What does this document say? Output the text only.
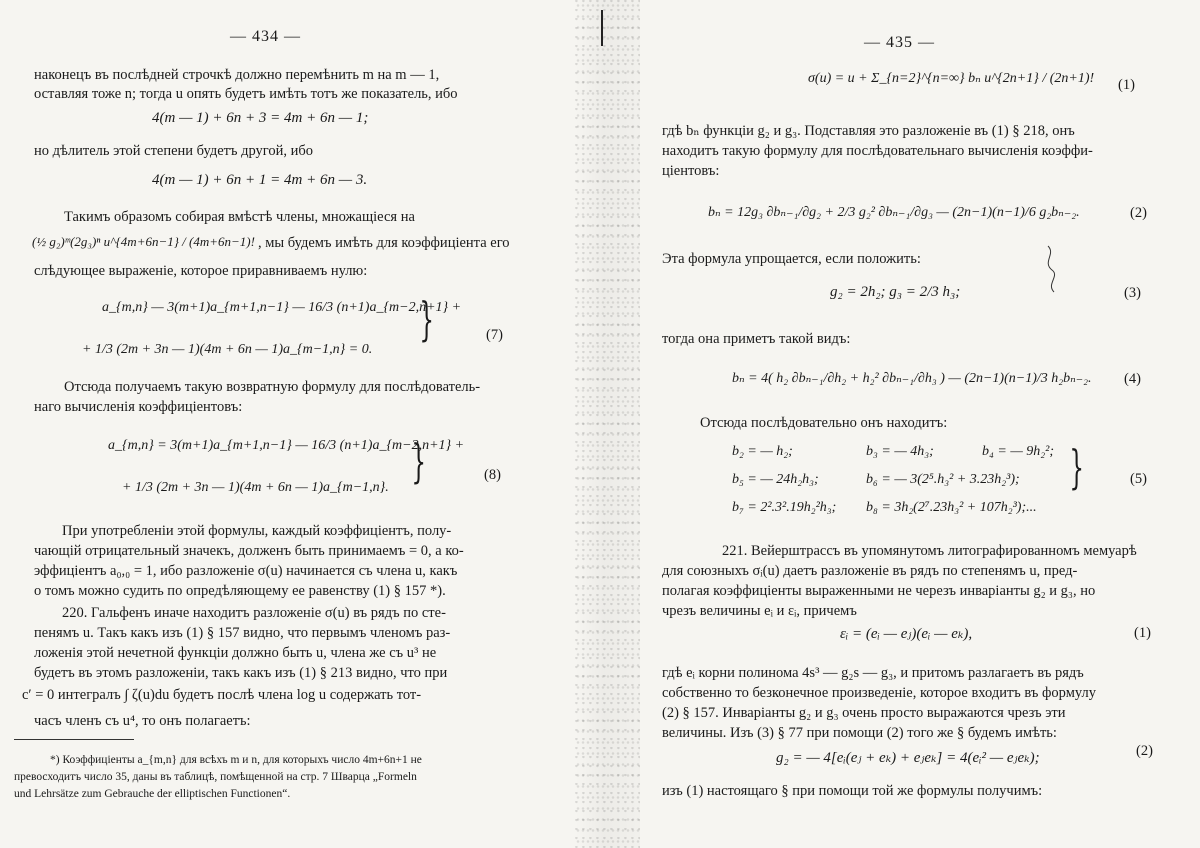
— 434 —
наконецъ въ послѣдней строчкѣ должно перемѣнить m на m — 1,
оставляя тоже n; тогда u опять будетъ имѣть тотъ же показатель, ибо
4(m — 1) + 6n + 3 = 4m + 6n — 1;
но дѣлитель этой степени будетъ другой, ибо
4(m — 1) + 6n + 1 = 4m + 6n — 3.
Такимъ образомъ собирая вмѣстѣ члены, множащіеся на
(½ g₂)ᵐ(2g₃)ⁿ u^{4m+6n−1} / (4m+6n−1)! , мы будемъ имѣть для коэффиціента его
слѣдующее выраженіе, которое приравниваемъ нулю:
a_{m,n} — 3(m+1)a_{m+1,n−1} — 16/3 (n+1)a_{m−2,n+1} +
+ 1/3 (2m + 3n — 1)(4m + 6n — 1)a_{m−1,n} = 0.
}	(7)
Отсюда получаемъ такую возвратную формулу для послѣдователь-
наго вычисленія коэффиціентовъ:
a_{m,n} = 3(m+1)a_{m+1,n−1} — 16/3 (n+1)a_{m−2,n+1} +
+ 1/3 (2m + 3n — 1)(4m + 6n — 1)a_{m−1,n}. }	(8)
При употребленіи этой формулы, каждый коэффиціентъ, полу-
чающій отрицательный значекъ, долженъ быть принимаемъ = 0, а ко-
эффиціентъ a₀,₀ = 1, ибо разложеніе σ(u) начинается съ члена u, какъ
о томъ можно судить по опредѣляющему ее равенству (1) § 157 *).
220. Гальфенъ иначе находитъ разложеніе σ(u) въ рядъ по сте-
пенямъ u. Такъ какъ изъ (1) § 157 видно, что первымъ членомъ раз-
ложенія этой нечетной функціи должно быть u, члена же съ u³ не
будетъ въ этомъ разложеніи, такъ какъ изъ (1) § 213 видно, что при
c′ = 0 интегралъ ∫ ζ(u)du будетъ послѣ члена log u содержать тот-
часъ членъ съ u⁴, то онъ полагаетъ:
*) Коэффиціенты a_{m,n} для всѣхъ m и n, для которыхъ число 4m+6n+1 не
превосходитъ число 35, даны въ таблицѣ, помѣщенной на стр. 7 Шварца „Formeln
und Lehrsätze zum Gebrauche der elliptischen Functionen“.
— 435 —
σ(u) = u + Σ_{n=2}^{n=∞} bₙ u^{2n+1} / (2n+1)! (1)
гдѣ bₙ функціи g₂ и g₃. Подставляя это разложеніе въ (1) § 218, онъ
находитъ такую формулу для послѣдовательнаго вычисленія коэффи-
ціентовъ:
bₙ = 12g₃ ∂bₙ₋₁/∂g₂ + 2/3 g₂² ∂bₙ₋₁/∂g₃ — (2n−1)(n−1)/6 g₂bₙ₋₂.	(2)
Эта формула упрощается, если положить:
g₂ = 2h₂; g₃ = 2/3 h₃;	(3)
тогда она приметъ такой видъ:
bₙ = 4( h₂ ∂bₙ₋₁/∂h₂ + h₂² ∂bₙ₋₁/∂h₃ ) — (2n−1)(n−1)/3 h₂bₙ₋₂. (4)
Отсюда послѣдовательно онъ находитъ:
b₂ = — h₂;	b₃ = — 4h₃;	b₄ = — 9h₂²;
b₅ = — 24h₂h₃;	b₆ = — 3(2⁵.h₃² + 3.23h₂³);
b₇ = 2².3².19h₂²h₃; b₈ = 3h₂(2⁷.23h₃² + 107h₂³);...
}	(5)
221. Вейерштрассъ въ упомянутомъ литографированномъ мемуарѣ
для союзныхъ σᵢ(u) даетъ разложеніе въ рядъ по степенямъ u, пред-
полагая коэффиціенты выраженными не черезъ инваріанты g₂ и g₃, но
чрезъ величины eᵢ и εᵢ, причемъ
εᵢ = (eᵢ — eⱼ)(eᵢ — eₖ),	(1)
гдѣ eᵢ корни полинома 4s³ — g₂s — g₃, и притомъ разлагаетъ въ рядъ
собственно то безконечное произведеніе, которое входитъ въ формулу
(2) § 157. Инваріанты g₂ и g₃ очень просто выражаются чрезъ эти
величины. Изъ (3) § 77 при помощи (2) того же § будемъ имѣть:
g₂ = — 4[eᵢ(eⱼ + eₖ) + eⱼeₖ] = 4(eᵢ² — eⱼeₖ);	(2)
изъ (1) настоящаго § при помощи той же формулы получимъ:
